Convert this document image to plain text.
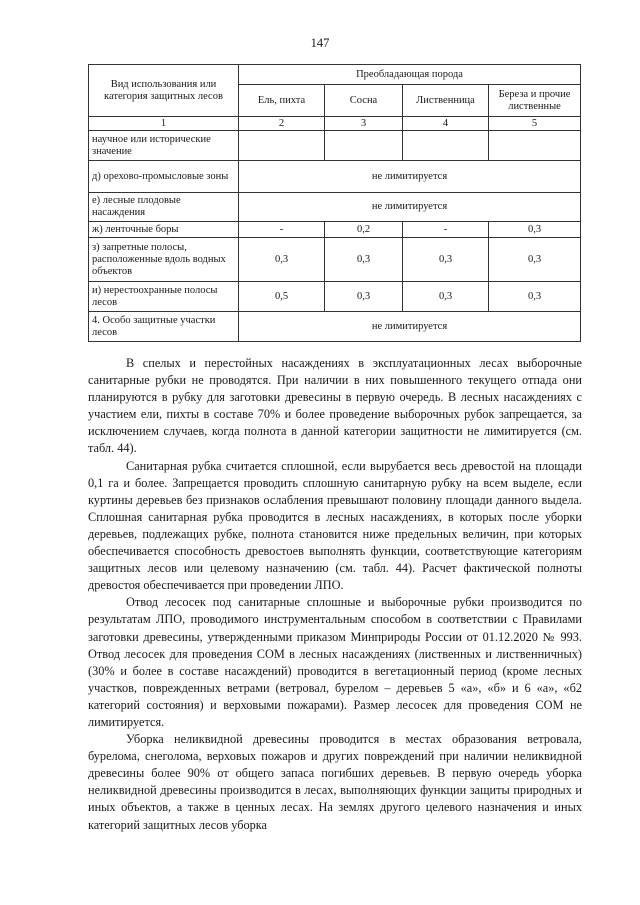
147
Вид использования или категория защитных лесов	Преобладающая порода			
	Ель, пихта	Сосна	Лиственница	Береза и прочие лиственные
1	2	3	4	5
научное или исторические значение				
д) орехово-промысловые зоны	не лимитируется			
е) лесные плодовые насаждения	не лимитируется			
ж) ленточные боры	-	0,2	-	0,3
з) запретные полосы, расположенные вдоль водных объектов	0,3	0,3	0,3	0,3
и) нерестоохранные полосы лесов	0,5	0,3	0,3	0,3
4. Особо защитные участки лесов	не лимитируется			

В спелых и перестойных насаждениях в эксплуатационных лесах выборочные санитарные рубки не проводятся. При наличии в них повышенного текущего отпада они планируются в рубку для заготовки древесины в первую очередь. В лесных насаждениях с участием ели, пихты в составе 70% и более проведение выборочных рубок запрещается, за исключением случаев, когда полнота в данной категории защитности не лимитируется (см. табл. 44).

Санитарная рубка считается сплошной, если вырубается весь древостой на площади 0,1 га и более. Запрещается проводить сплошную санитарную рубку на всем выделе, если куртины деревьев без признаков ослабления превышают половину площади данного выдела. Сплошная санитарная рубка проводится в лесных насаждениях, в которых после уборки деревьев, подлежащих рубке, полнота становится ниже предельных величин, при которых обеспечивается способность древостоев выполнять функции, соответствующие категориям защитных лесов или целевому назначению (см. табл. 44). Расчет фактической полноты древостоя обеспечивается при проведении ЛПО.

Отвод лесосек под санитарные сплошные и выборочные рубки производится по результатам ЛПО, проводимого инструментальным способом в соответствии с Правилами заготовки древесины, утвержденными приказом Минприроды России от 01.12.2020 № 993. Отвод лесосек для проведения СОМ в лесных насаждениях (лиственных и лиственничных) (30% и более в составе насаждений) проводится в вегетационный период (кроме лесных участков, поврежденных ветрами (ветровал, бурелом – деревьев 5 «а», «б» и 6 «а», «б2 категорий состояния) и верховыми пожарами). Размер лесосек для проведения СОМ не лимитируется.

Уборка неликвидной древесины проводится в местах образования ветровала, бурелома, снеголома, верховых пожаров и других повреждений при наличии неликвидной древесины более 90% от общего запаса погибших деревьев. В первую очередь уборка неликвидной древесины производится в лесах, выполняющих функции защиты природных и иных объектов, а также в ценных лесах. На землях другого целевого назначения и иных категорий защитных лесов уборка
